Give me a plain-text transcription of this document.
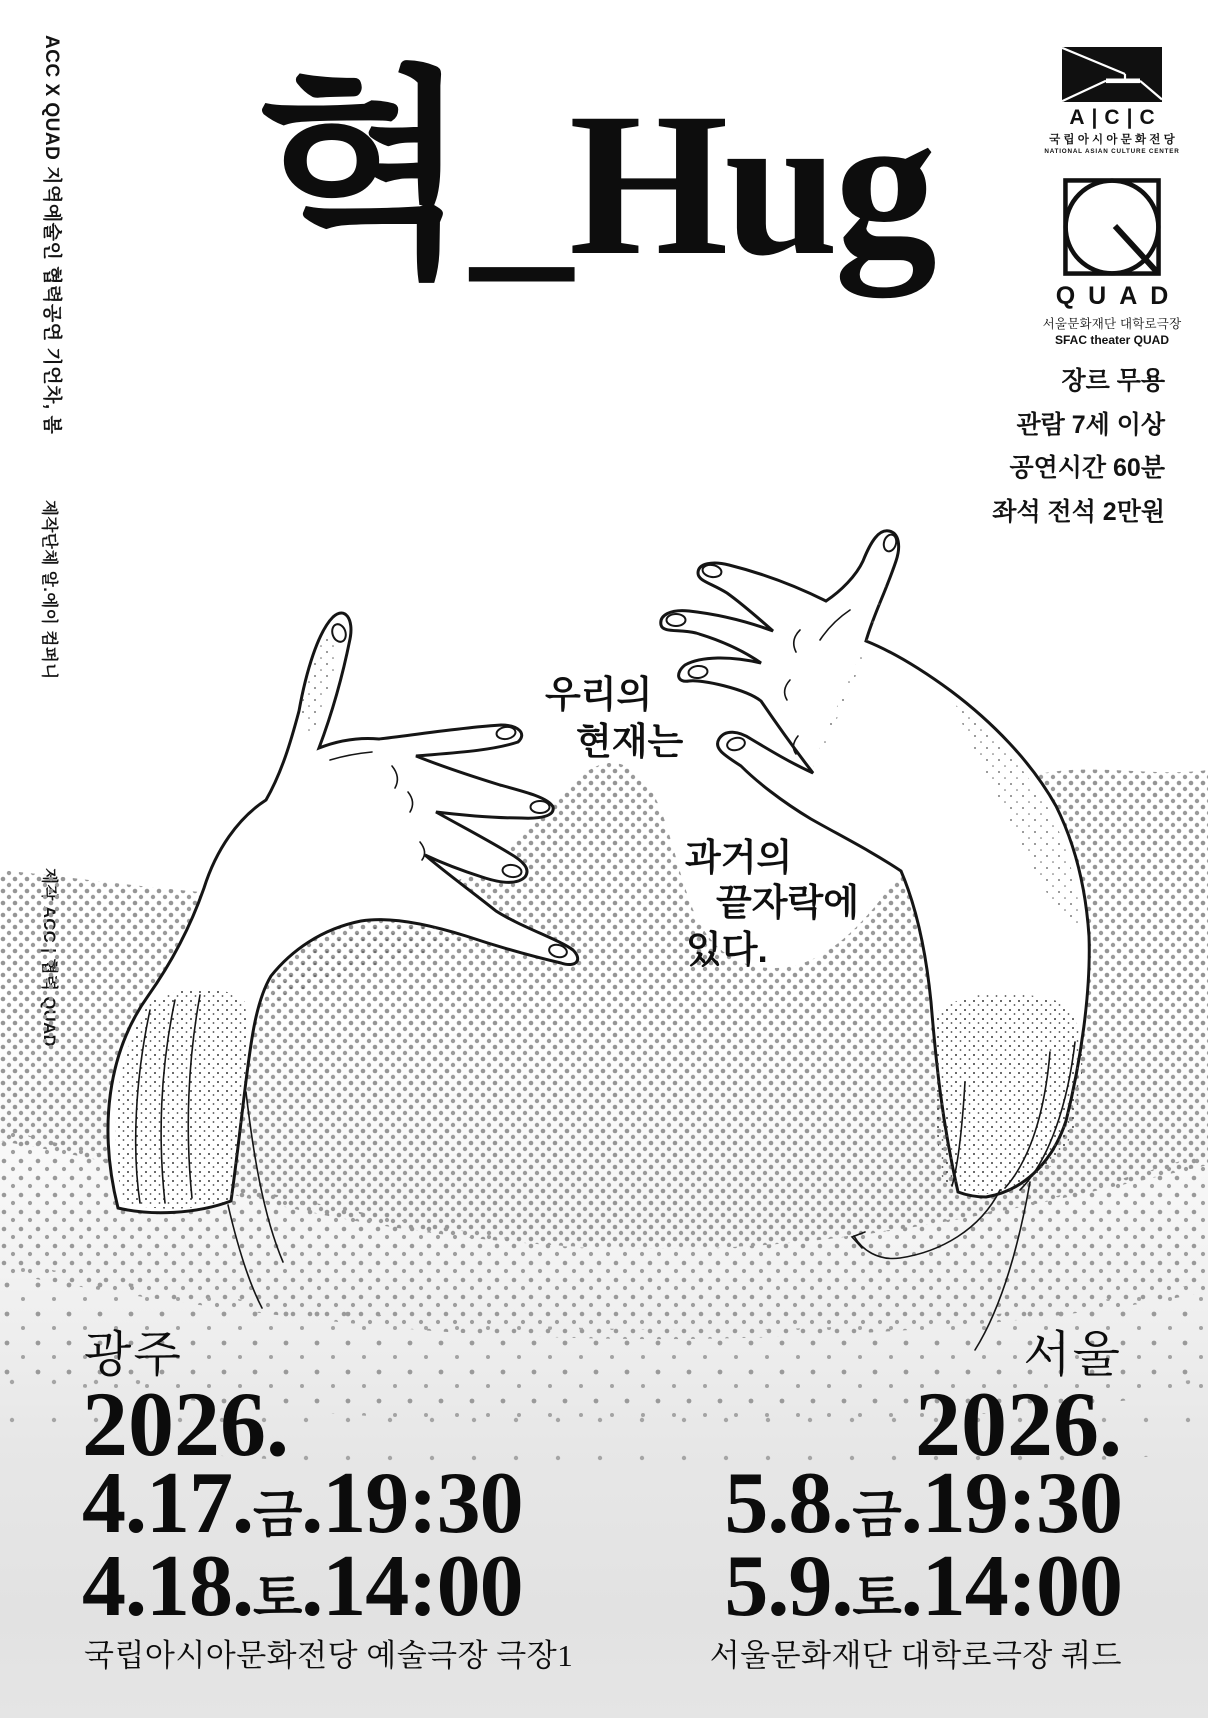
ACC X QUAD 지역예술인 협력공연 기언차, 봄
제작단체 알.에이 컴퍼니
혁_Hug	A|C|C
국립아시아문화전당
NATIONAL ASIAN CULTURE CENTER
QUAD
서울문화재단 대학로극장
SFAC theater QUAD
장르 무용
관람 7세 이상
공연시간 60분
좌석 전석 2만원
우리의
현재는
과거의
끝자락에
있다.
광주
2026.
4.17.금.19:30
4.18.토.14:00
국립아시아문화전당 예술극장 극장1
서울
2026.
5.8.금.19:30
5.9.토.14:00
서울문화재단 대학로극장 쿼드
